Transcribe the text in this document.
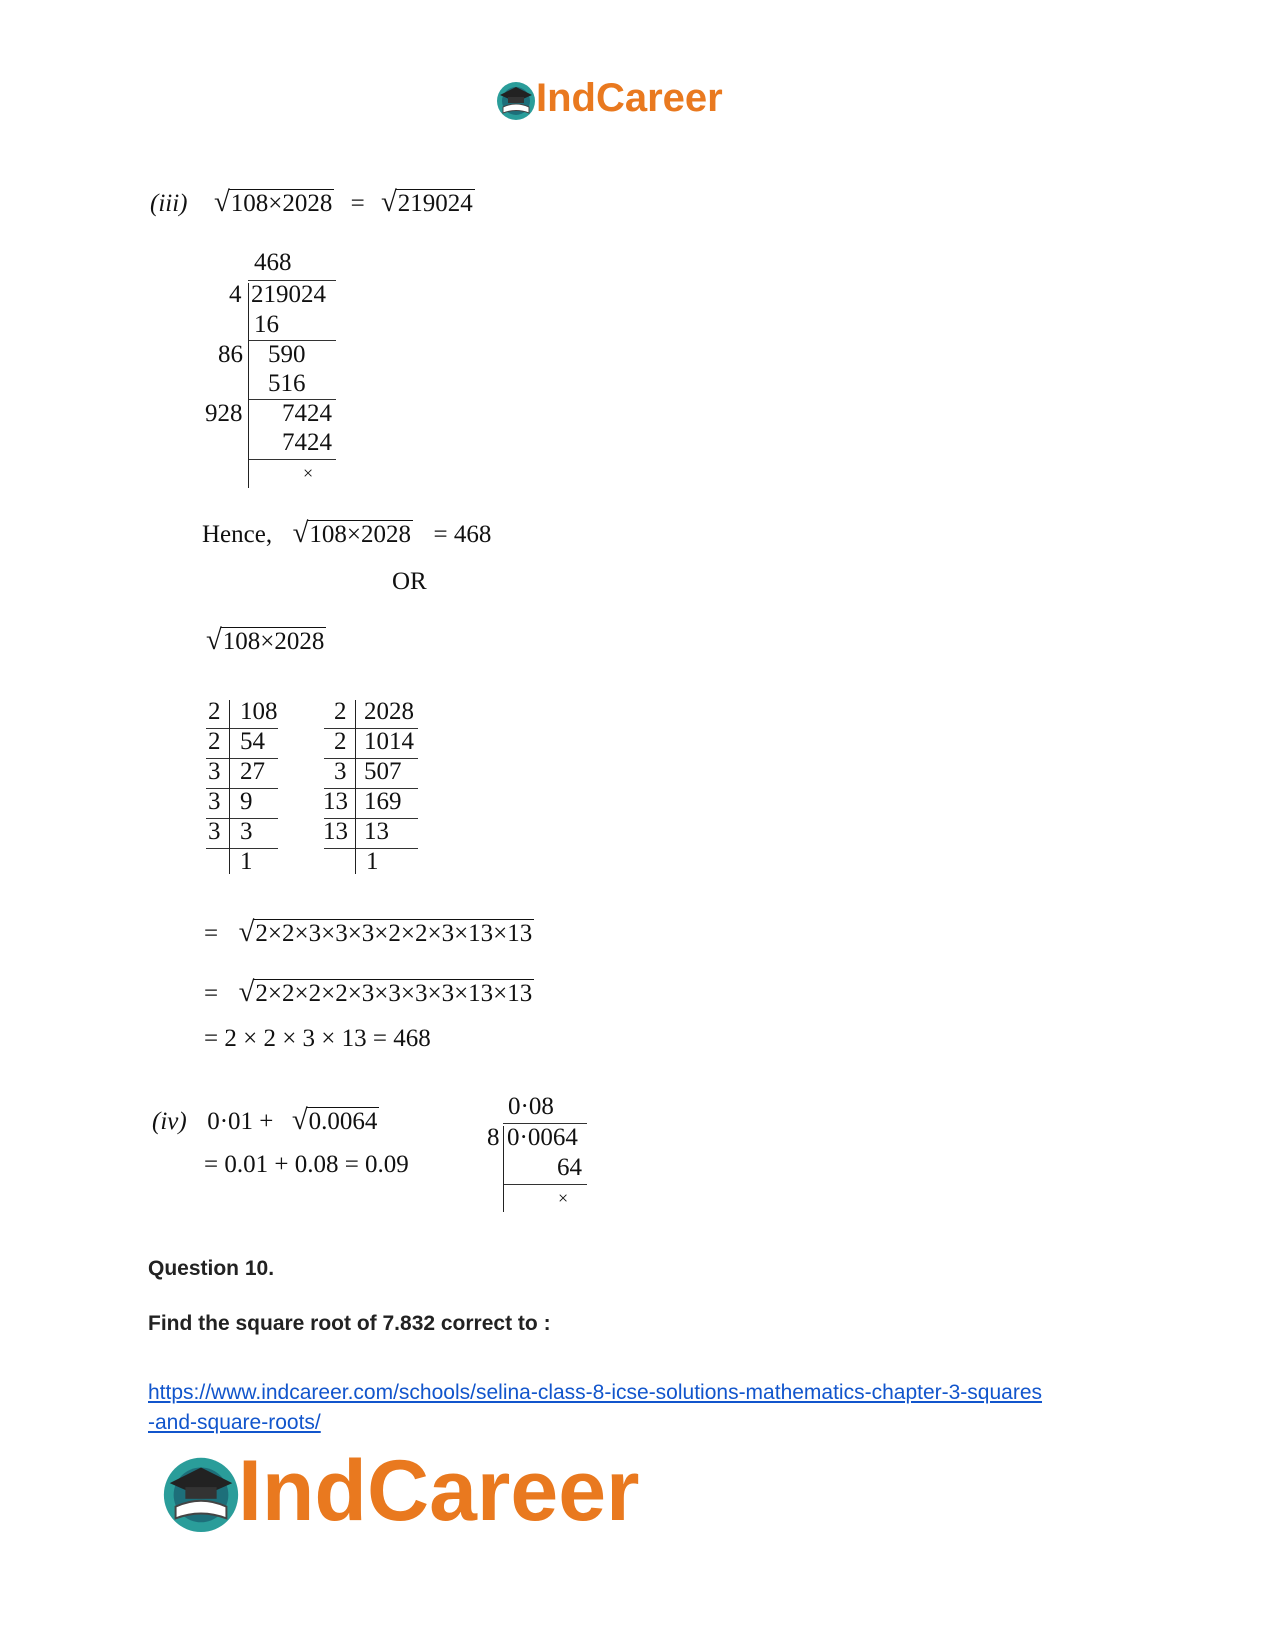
IndCareer
(iii) √108×2028 = √219024
468
4 219024
16
86 590
516
928 7424
7424
×
Hence, √108×2028 = 468
OR
√108×2028
2 108
2 54
3 27
3 9
3 3
1
2 2028
2 1014
3 507
13 169
13 13
1
= √2×2×3×3×3×2×2×3×13×13
= √2×2×2×2×3×3×3×3×13×13
= 2 × 2 × 3 × 13 = 468
(iv) 0·01 + √0.0064
= 0.01 + 0.08 = 0.09
0·08
8 0·0064
64
×
Question 10.
Find the square root of 7.832 correct to :
https://www.indcareer.com/schools/selina-class-8-icse-solutions-mathematics-chapter-3-squares
-and-square-roots/
IndCareer
